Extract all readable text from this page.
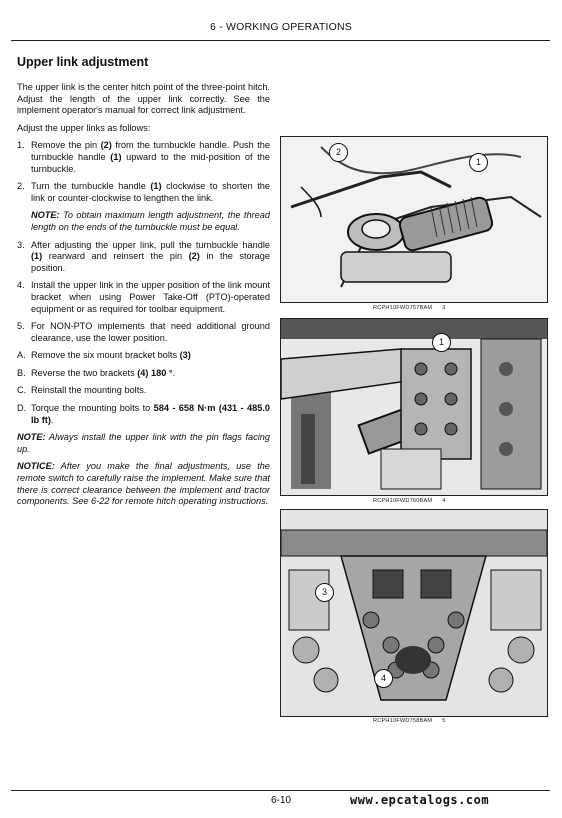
6 - WORKING OPERATIONS
Upper link adjustment

The upper link is the center hitch point of the three-point hitch. Adjust the length of the upper link correctly. See the implement operator's manual for correct link adjustment.

Adjust the upper links as follows:

1. Remove the pin (2) from the turnbuckle handle. Push the turnbuckle handle (1) upward to the mid-position of the turnbuckle.
2. Turn the turnbuckle handle (1) clockwise to shorten the link or counter-clockwise to lengthen the link.
NOTE: To obtain maximum length adjustment, the thread length on the ends of the turnbuckle must be equal.
3. After adjusting the upper link, pull the turnbuckle handle (1) rearward and reinsert the pin (2) in the storage position.
4. Install the upper link in the upper position of the link mount bracket when using Power Take-Off (PTO)-operated equipment or as required for toolbar equipment.
5. For NON-PTO implements that need additional ground clearance, use the lower position.
A. Remove the six mount bracket bolts (3)
B. Reverse the two brackets (4) 180 °.
C. Reinstall the mounting bolts.
D. Torque the mounting bolts to 584 - 658 N·m (431 - 485.0 lb ft).
NOTE: Always install the upper link with the pin flags facing up.
NOTICE: After you make the final adjustments, use the remote switch to carefully raise the implement. Make sure that there is correct clearance between the implement and tractor components. See 6-22 for remote hitch operating instructions.
2
1
RCPH10FWD757BAM 3
1
RCPH10FWD760BAM 4
3
4
RCPH10FWD758BAM 5
6-10	www.epcatalogs.com
